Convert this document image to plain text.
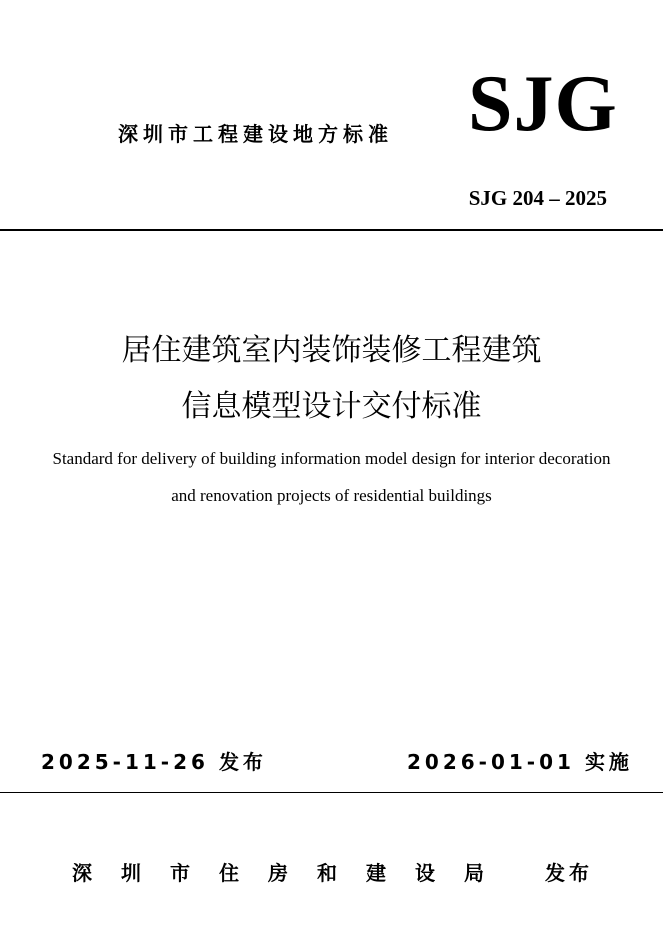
深圳市工程建设地方标准 SJG
SJG 204 – 2025
居住建筑室内装饰装修工程建筑
信息模型设计交付标准
Standard for delivery of building information model design for interior decoration
and renovation projects of residential buildings
2025-11-26 发布	2026-01-01 实施
深圳市住房和建设局 发布
